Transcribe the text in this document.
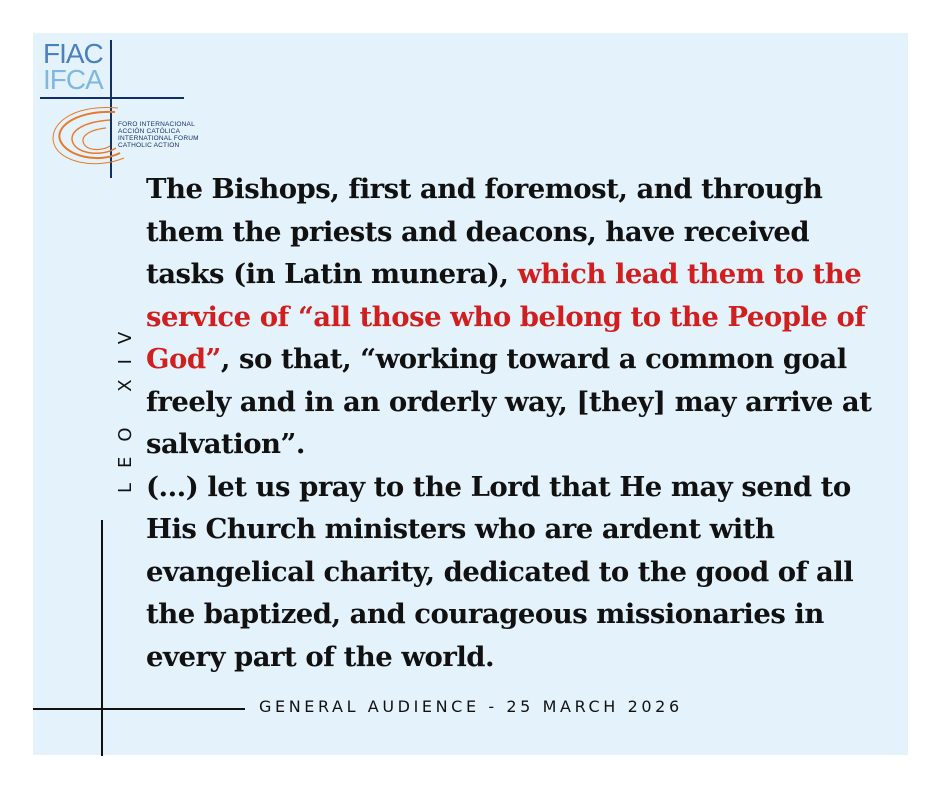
FIAC
IFCA
FORO INTERNACIONAL
ACCIÓN CATÓLICA
INTERNATIONAL FORUM
CATHOLIC ACTION

The Bishops, first and foremost, and through them the priests and deacons, have received tasks (in Latin munera), which lead them to the service of “all those who belong to the People of God”, so that, “working toward a common goal freely and in an orderly way, [they] may arrive at salvation”.

(...) let us pray to the Lord that He may send to His Church ministers who are ardent with evangelical charity, dedicated to the good of all the baptized, and courageous missionaries in every part of the world.

LEO XIV
GENERAL AUDIENCE - 25 MARCH 2026
